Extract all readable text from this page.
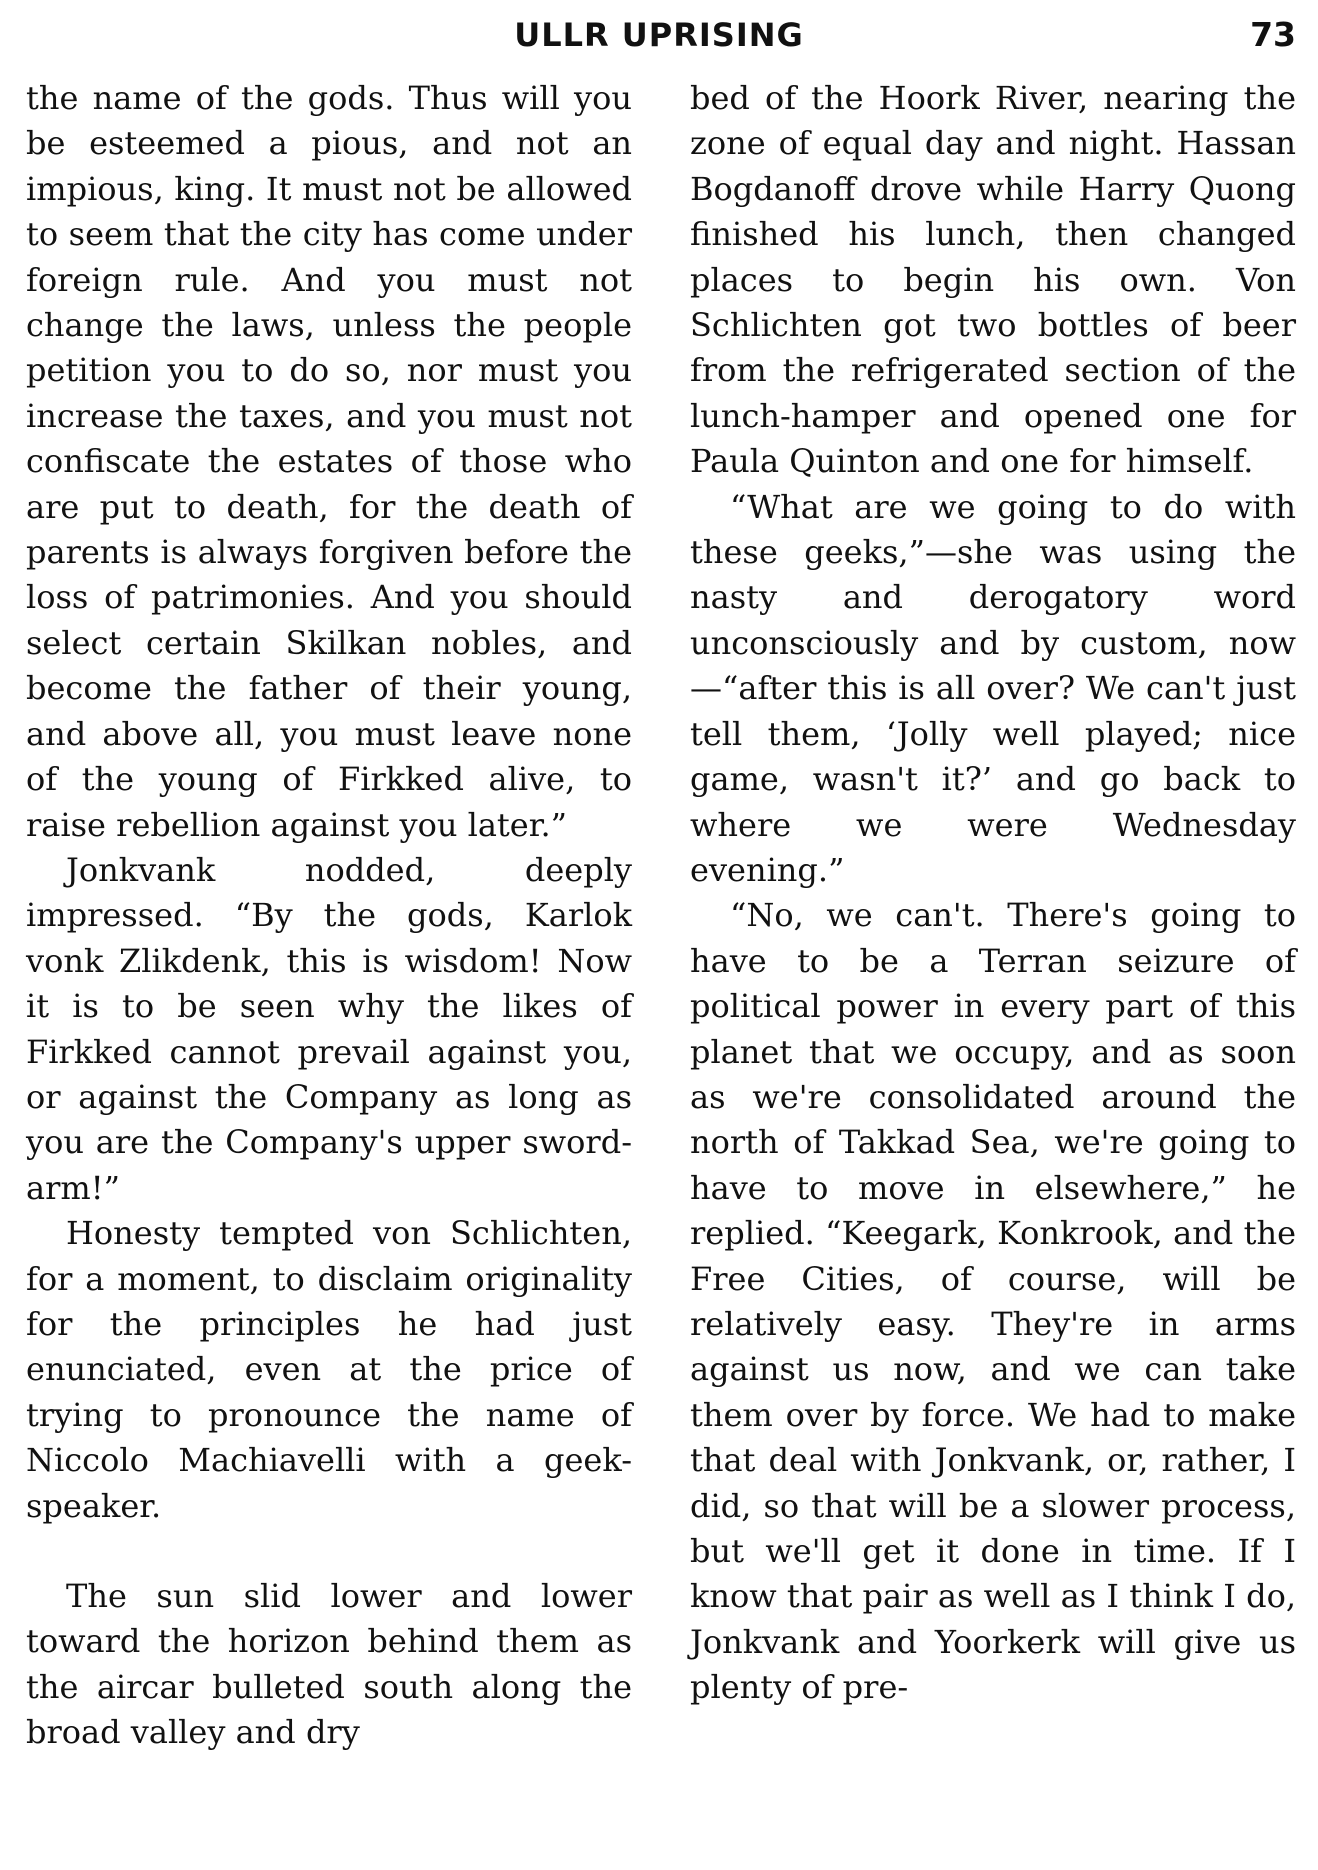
ULLR UPRISING	73

the name of the gods. Thus will you be esteemed a pious, and not an impious, king. It must not be allowed to seem that the city has come under foreign rule. And you must not change the laws, unless the people petition you to do so, nor must you increase the taxes, and you must not confiscate the estates of those who are put to death, for the death of parents is always forgiven before the loss of patrimonies. And you should select certain Skilkan nobles, and become the father of their young, and above all, you must leave none of the young of Firkked alive, to raise rebellion against you later.”

Jonkvank nodded, deeply impressed. “By the gods, Karlok vonk Zlikdenk, this is wisdom! Now it is to be seen why the likes of Firkked cannot prevail against you, or against the Company as long as you are the Company's upper sword-arm!”

Honesty tempted von Schlichten, for a moment, to disclaim originality for the principles he had just enunciated, even at the price of trying to pronounce the name of Niccolo Machiavelli with a geek-speaker.

The sun slid lower and lower toward the horizon behind them as the aircar bulleted south along the broad valley and dry

bed of the Hoork River, nearing the zone of equal day and night. Hassan Bogdanoff drove while Harry Quong finished his lunch, then changed places to begin his own. Von Schlichten got two bottles of beer from the refrigerated section of the lunch-hamper and opened one for Paula Quinton and one for himself.

“What are we going to do with these geeks,”—she was using the nasty and derogatory word unconsciously and by custom, now—“after this is all over? We can't just tell them, ‘Jolly well played; nice game, wasn't it?’ and go back to where we were Wednesday evening.”

“No, we can't. There's going to have to be a Terran seizure of political power in every part of this planet that we occupy, and as soon as we're consolidated around the north of Takkad Sea, we're going to have to move in elsewhere,” he replied. “Keegark, Konkrook, and the Free Cities, of course, will be relatively easy. They're in arms against us now, and we can take them over by force. We had to make that deal with Jonkvank, or, rather, I did, so that will be a slower process, but we'll get it done in time. If I know that pair as well as I think I do, Jonkvank and Yoorkerk will give us plenty of pre-
